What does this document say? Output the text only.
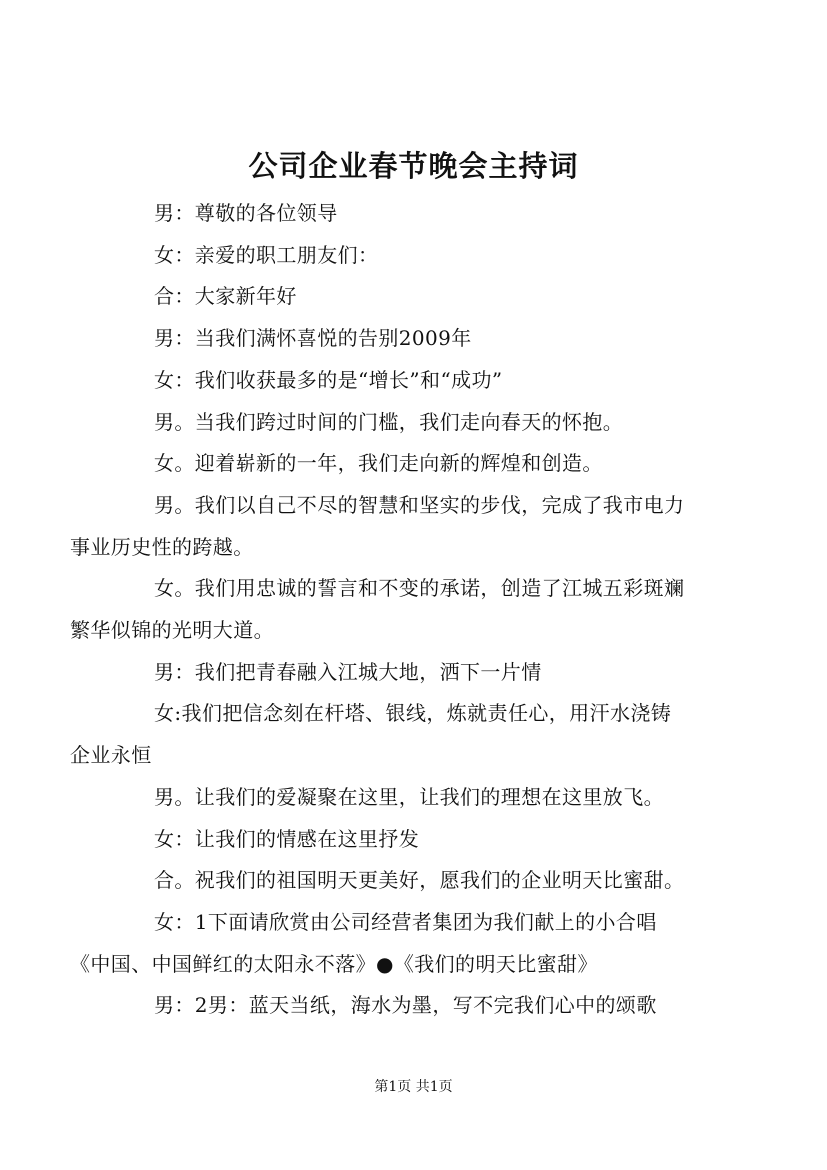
公司企业春节晚会主持词

男：尊敬的各位领导

女：亲爱的职工朋友们：

合：大家新年好

男：当我们满怀喜悦的告别2009年

女：我们收获最多的是“增长”和“成功”

男。当我们跨过时间的门槛，我们走向春天的怀抱。

女。迎着崭新的一年，我们走向新的辉煌和创造。

男。我们以自己不尽的智慧和坚实的步伐，完成了我市电力
事业历史性的跨越。

女。我们用忠诚的誓言和不变的承诺，创造了江城五彩斑斓
繁华似锦的光明大道。

男：我们把青春融入江城大地，洒下一片情

女:我们把信念刻在杆塔、银线，炼就责任心，用汗水浇铸
企业永恒

男。让我们的爱凝聚在这里，让我们的理想在这里放飞。

女：让我们的情感在这里抒发

合。祝我们的祖国明天更美好，愿我们的企业明天比蜜甜。

女：1下面请欣赏由公司经营者集团为我们献上的小合唱
《中国、中国鲜红的太阳永不落》●《我们的明天比蜜甜》

男：2男：蓝天当纸，海水为墨，写不完我们心中的颂歌

第1页 共1页
